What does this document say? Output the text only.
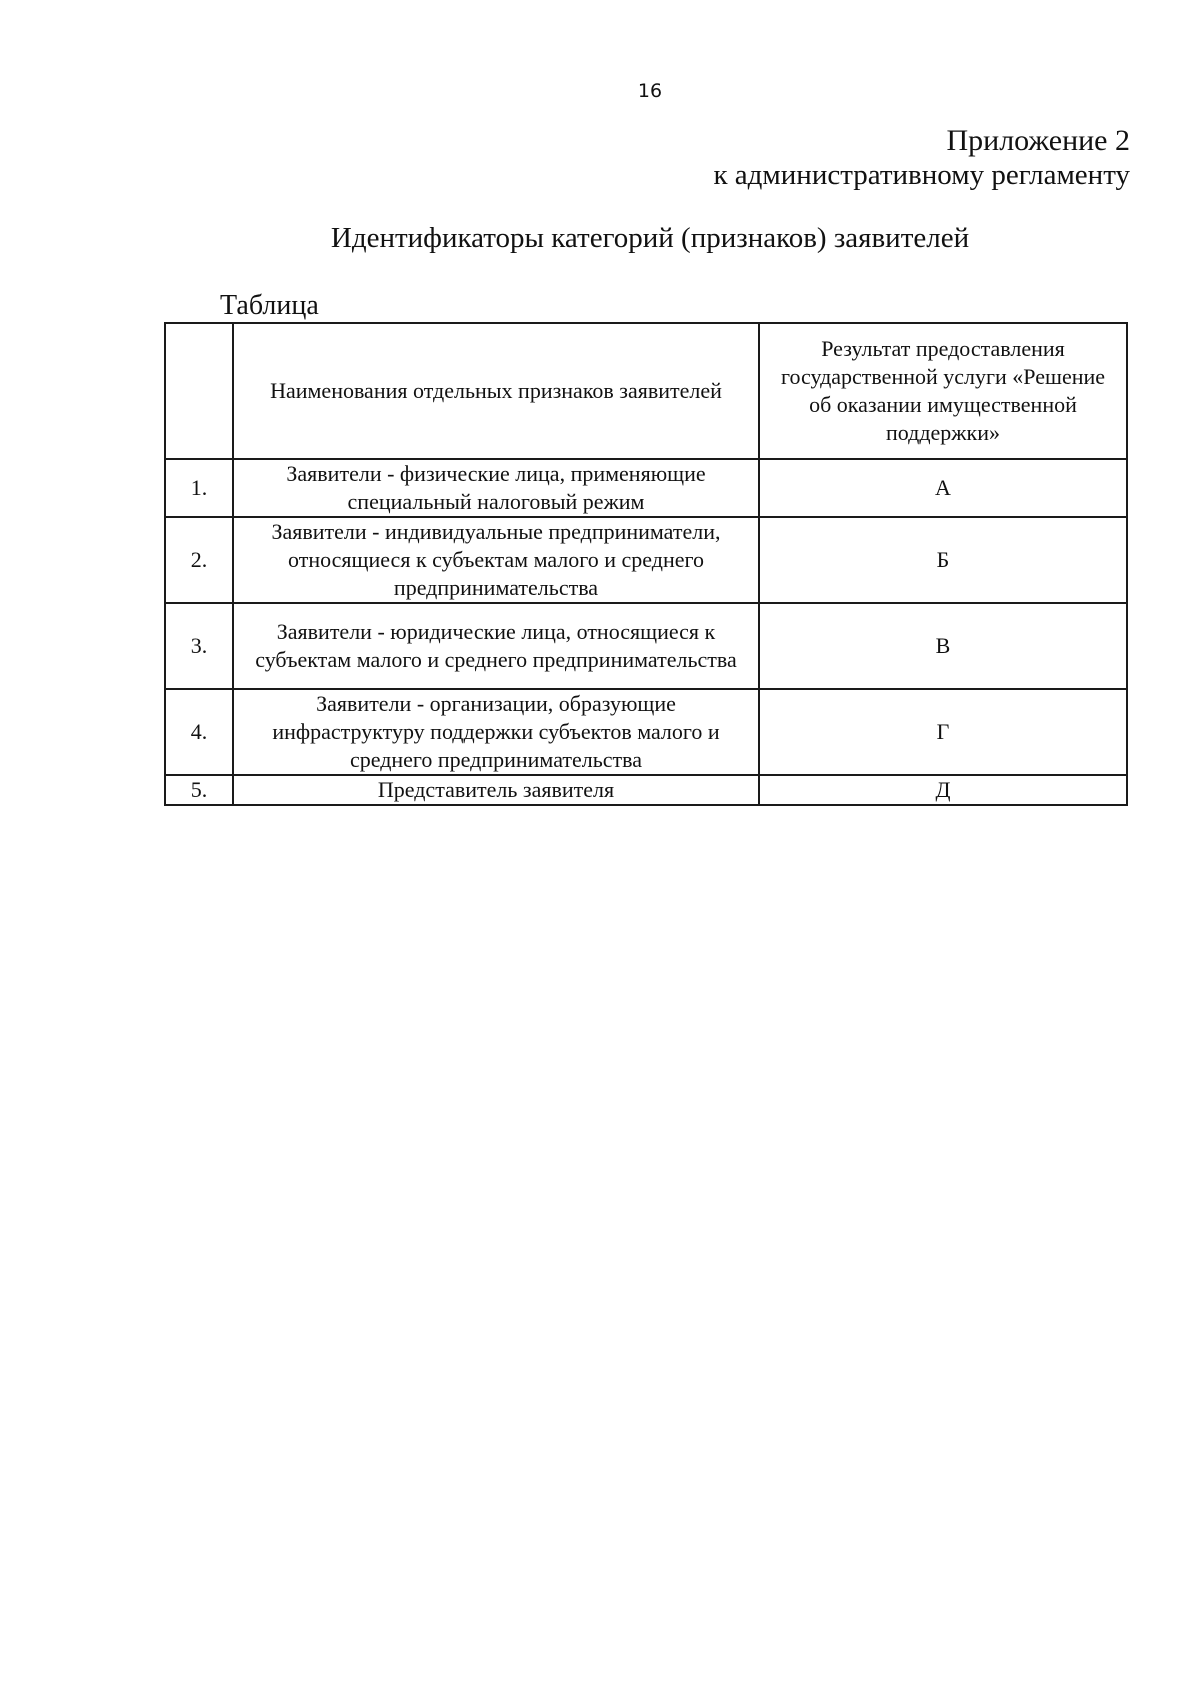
16
Приложение 2
к административному регламенту
Идентификаторы категорий (признаков) заявителей
Таблица
	Наименования отдельных признаков заявителей	Результат предоставления государственной услуги «Решение об оказании имущественной поддержки»
1.	Заявители - физические лица, применяющие специальный налоговый режим	А
2.	Заявители - индивидуальные предприниматели, относящиеся к субъектам малого и среднего предпринимательства	Б
3.	Заявители - юридические лица, относящиеся к субъектам малого и среднего предпринимательства	В
4.	Заявители - организации, образующие инфраструктуру поддержки субъектов малого и среднего предпринимательства	Г
5.	Представитель заявителя	Д
